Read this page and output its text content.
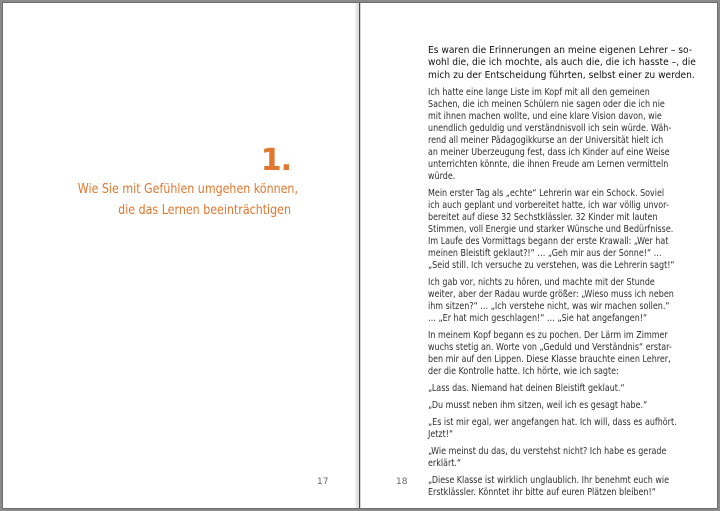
1.
Wie Sie mit Gefühlen umgehen können,
die das Lernen beeinträchtigen
17
Es waren die Erinnerungen an meine eigenen Lehrer – so-
wohl die, die ich mochte, als auch die, die ich hasste –, die
mich zu der Entscheidung führten, selbst einer zu werden.
Ich hatte eine lange Liste im Kopf mit all den gemeinen
Sachen, die ich meinen Schülern nie sagen oder die ich nie
mit ihnen machen wollte, und eine klare Vision davon, wie
unendlich geduldig und verständnisvoll ich sein würde. Wäh-
rend all meiner Pädagogikkurse an der Universität hielt ich
an meiner Überzeugung fest, dass ich Kinder auf eine Weise
unterrichten könnte, die ihnen Freude am Lernen vermitteln
würde.
Mein erster Tag als „echte“ Lehrerin war ein Schock. Soviel
ich auch geplant und vorbereitet hatte, ich war völlig unvor-
bereitet auf diese 32 Sechstklässler. 32 Kinder mit lauten
Stimmen, voll Energie und starker Wünsche und Bedürfnisse.
Im Laufe des Vormittags begann der erste Krawall: „Wer hat
meinen Bleistift geklaut?!“ … „Geh mir aus der Sonne!“ …
„Seid still. Ich versuche zu verstehen, was die Lehrerin sagt!“
Ich gab vor, nichts zu hören, und machte mit der Stunde
weiter, aber der Radau wurde größer: „Wieso muss ich neben
ihm sitzen?“ … „Ich verstehe nicht, was wir machen sollen.“
… „Er hat mich geschlagen!“ … „Sie hat angefangen!“
In meinem Kopf begann es zu pochen. Der Lärm im Zimmer
wuchs stetig an. Worte von „Geduld und Verständnis“ erstar-
ben mir auf den Lippen. Diese Klasse brauchte einen Lehrer,
der die Kontrolle hatte. Ich hörte, wie ich sagte:
„Lass das. Niemand hat deinen Bleistift geklaut.“
„Du musst neben ihm sitzen, weil ich es gesagt habe.“
„Es ist mir egal, wer angefangen hat. Ich will, dass es aufhört.
Jetzt!“
„Wie meinst du das, du verstehst nicht? Ich habe es gerade
erklärt.“
„Diese Klasse ist wirklich unglaublich. Ihr benehmt euch wie
Erstklässler. Könntet ihr bitte auf euren Plätzen bleiben!“
18
